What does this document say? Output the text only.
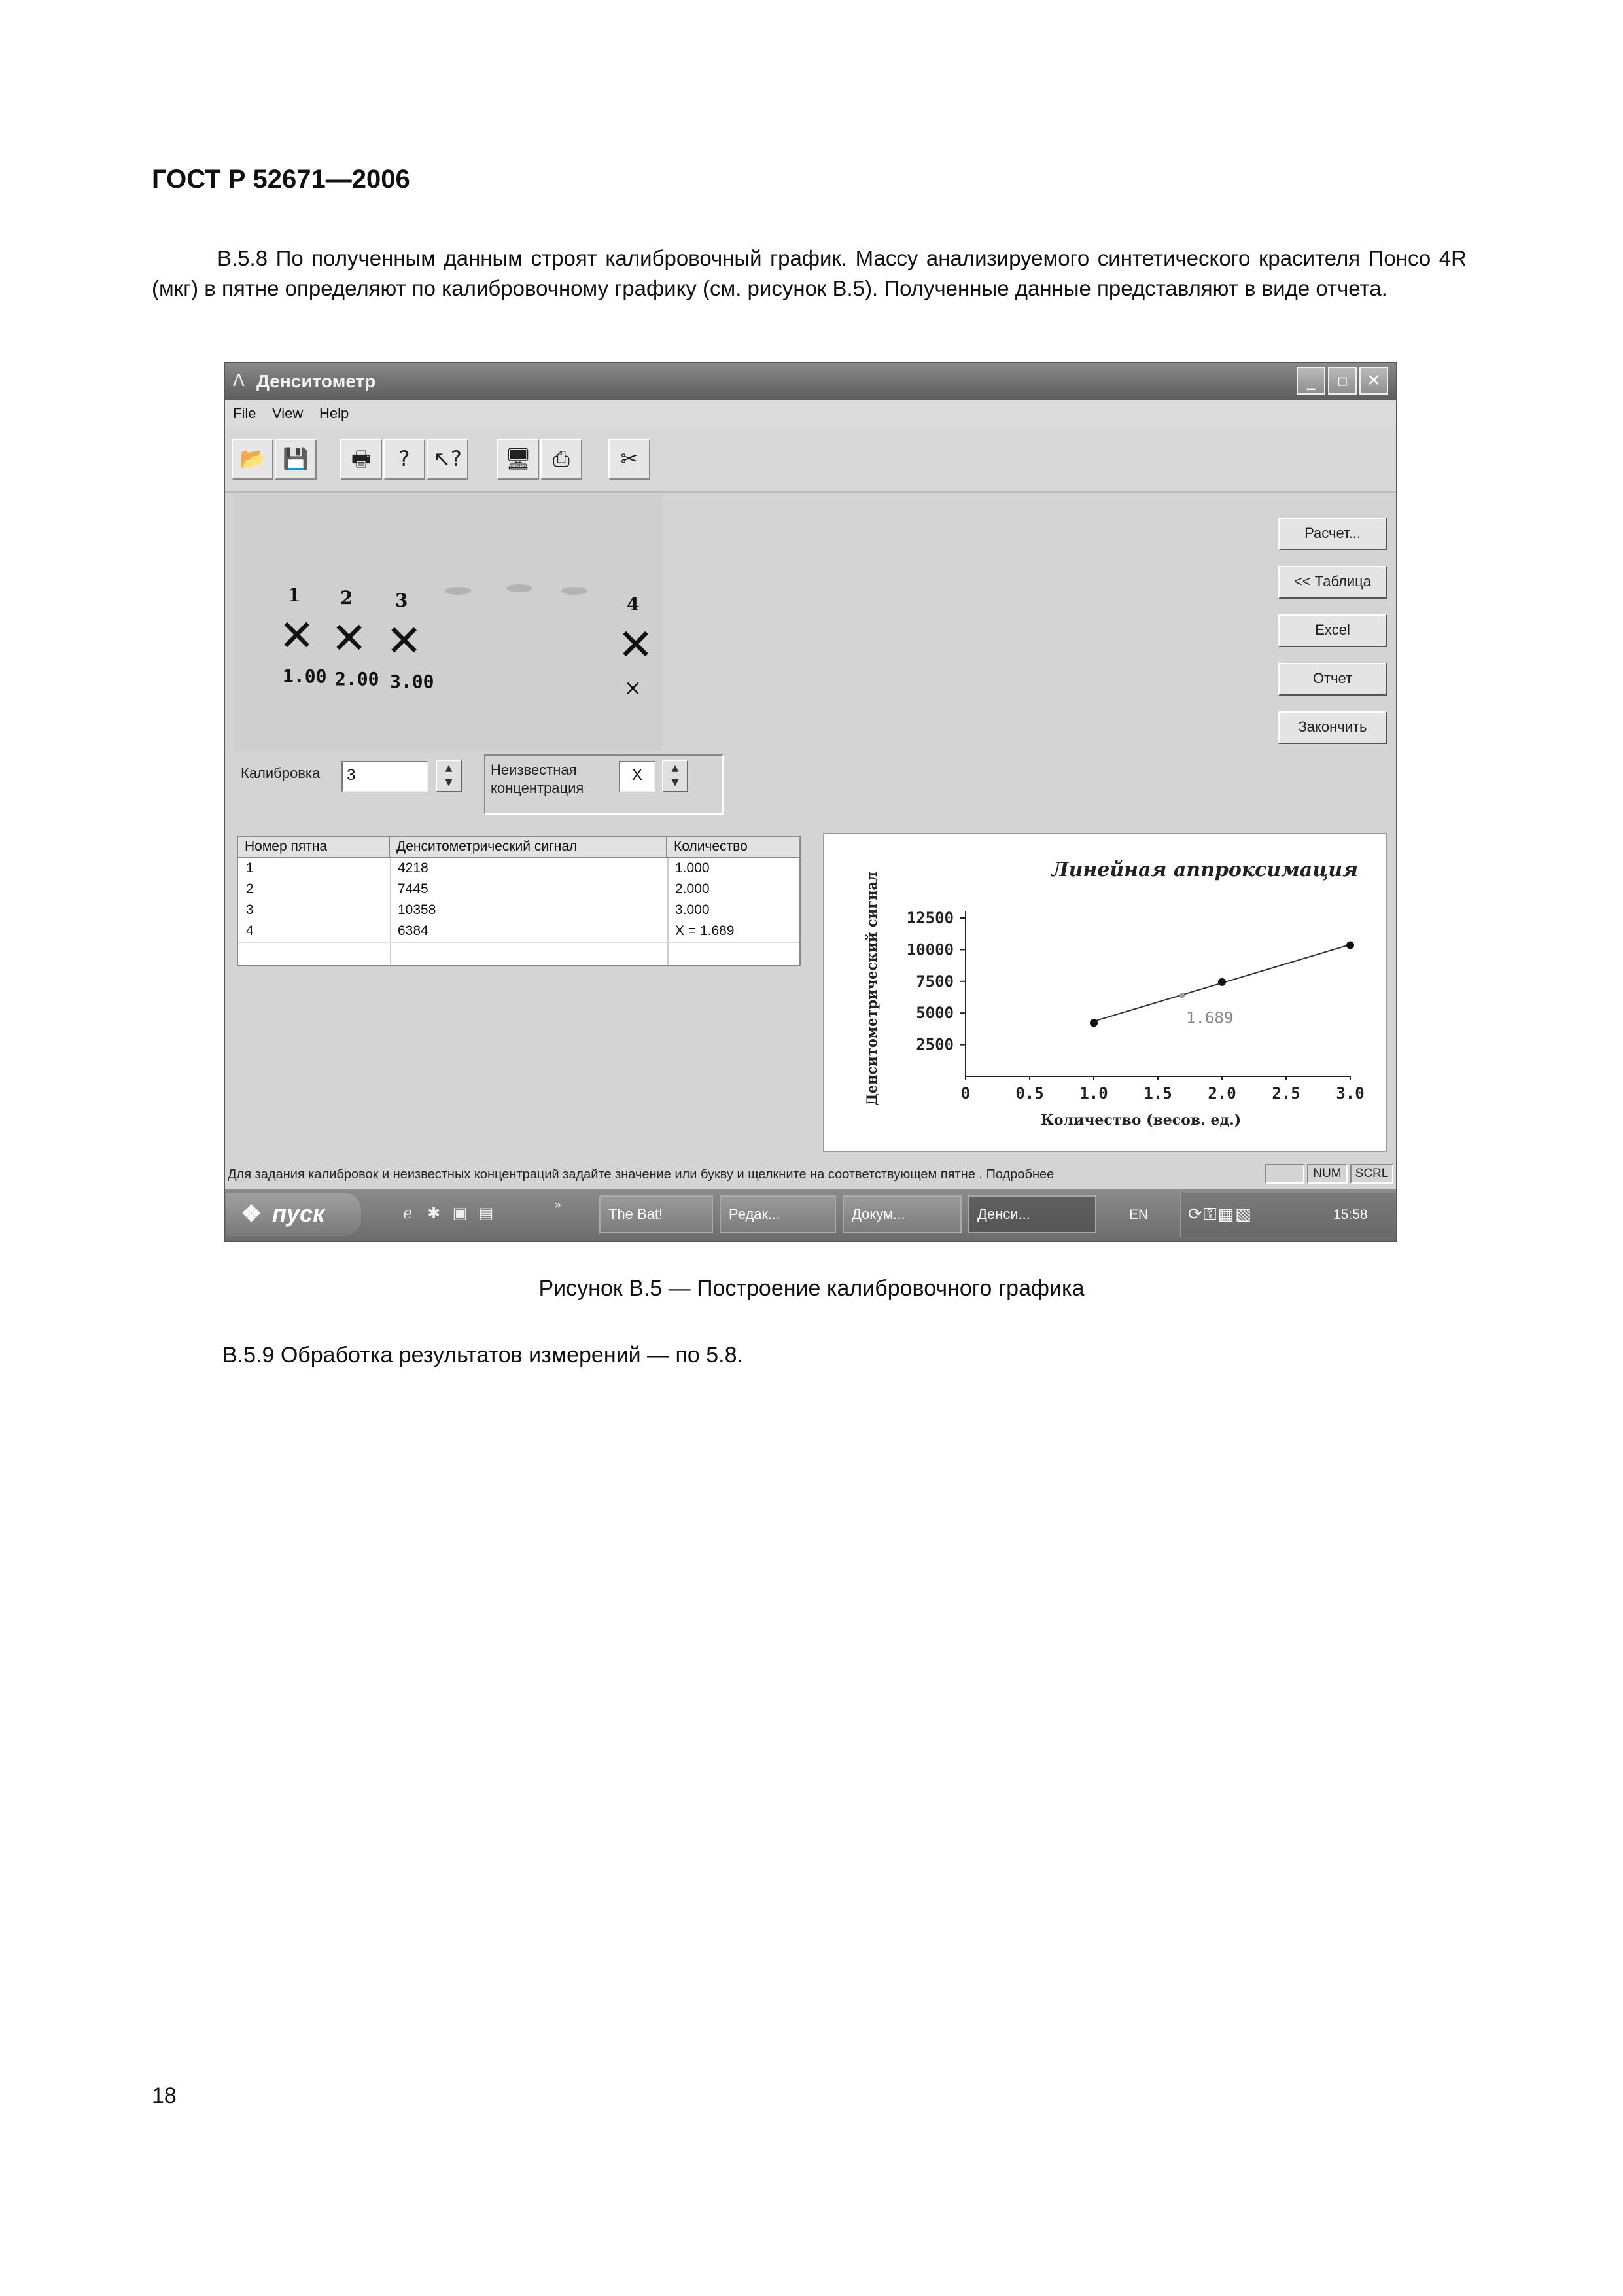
ГОСТ Р 52671—2006
В.5.8 По полученным данным строят калибровочный график. Массу анализируемого синтетического красителя Понсо 4R (мкг) в пятне определяют по калибровочному графику (см. рисунок В.5). Полученные данные представляют в виде отчета.
Ʌ Денситометр	_	▫	✕
File View Help
📂 💾	🖶	?	↖?	🖥	⎙	✂
1
✕
1.00
2
✕
2.00
3
✕
3.00
4
✕
×
Расчет...
<< Таблица
Excel
Отчет
Закончить
Калибровка	3	▲
▼
Неизвестная
концентрация
X	▲
▼
Номер пятна	Денситометрический сигнал	Количество
1	4218	1.000
2	7445	2.000
3	10358	3.000
4	6384	X = 1.689
Линейная аппроксимация
0	0.5 1.0 1.5 2.0 2.5 3.0
2500
5000
7500
10000
12500
Количество (весов. ед.)
Денситометрический сигнал	1.689
Для задания калибровок и неизвестных концентраций задайте значение или букву и щелкните на соответствующем пятне . Подробнее	NUM	SCRL
❖ пуск	ℯ ✱ ▣ ▤	»
The Bat!	Редак...	Докум...	Денси...	EN ⟳⚿▦▧	15:58
Рисунок В.5 — Построение калибровочного графика
В.5.9 Обработка результатов измерений — по 5.8.
18
